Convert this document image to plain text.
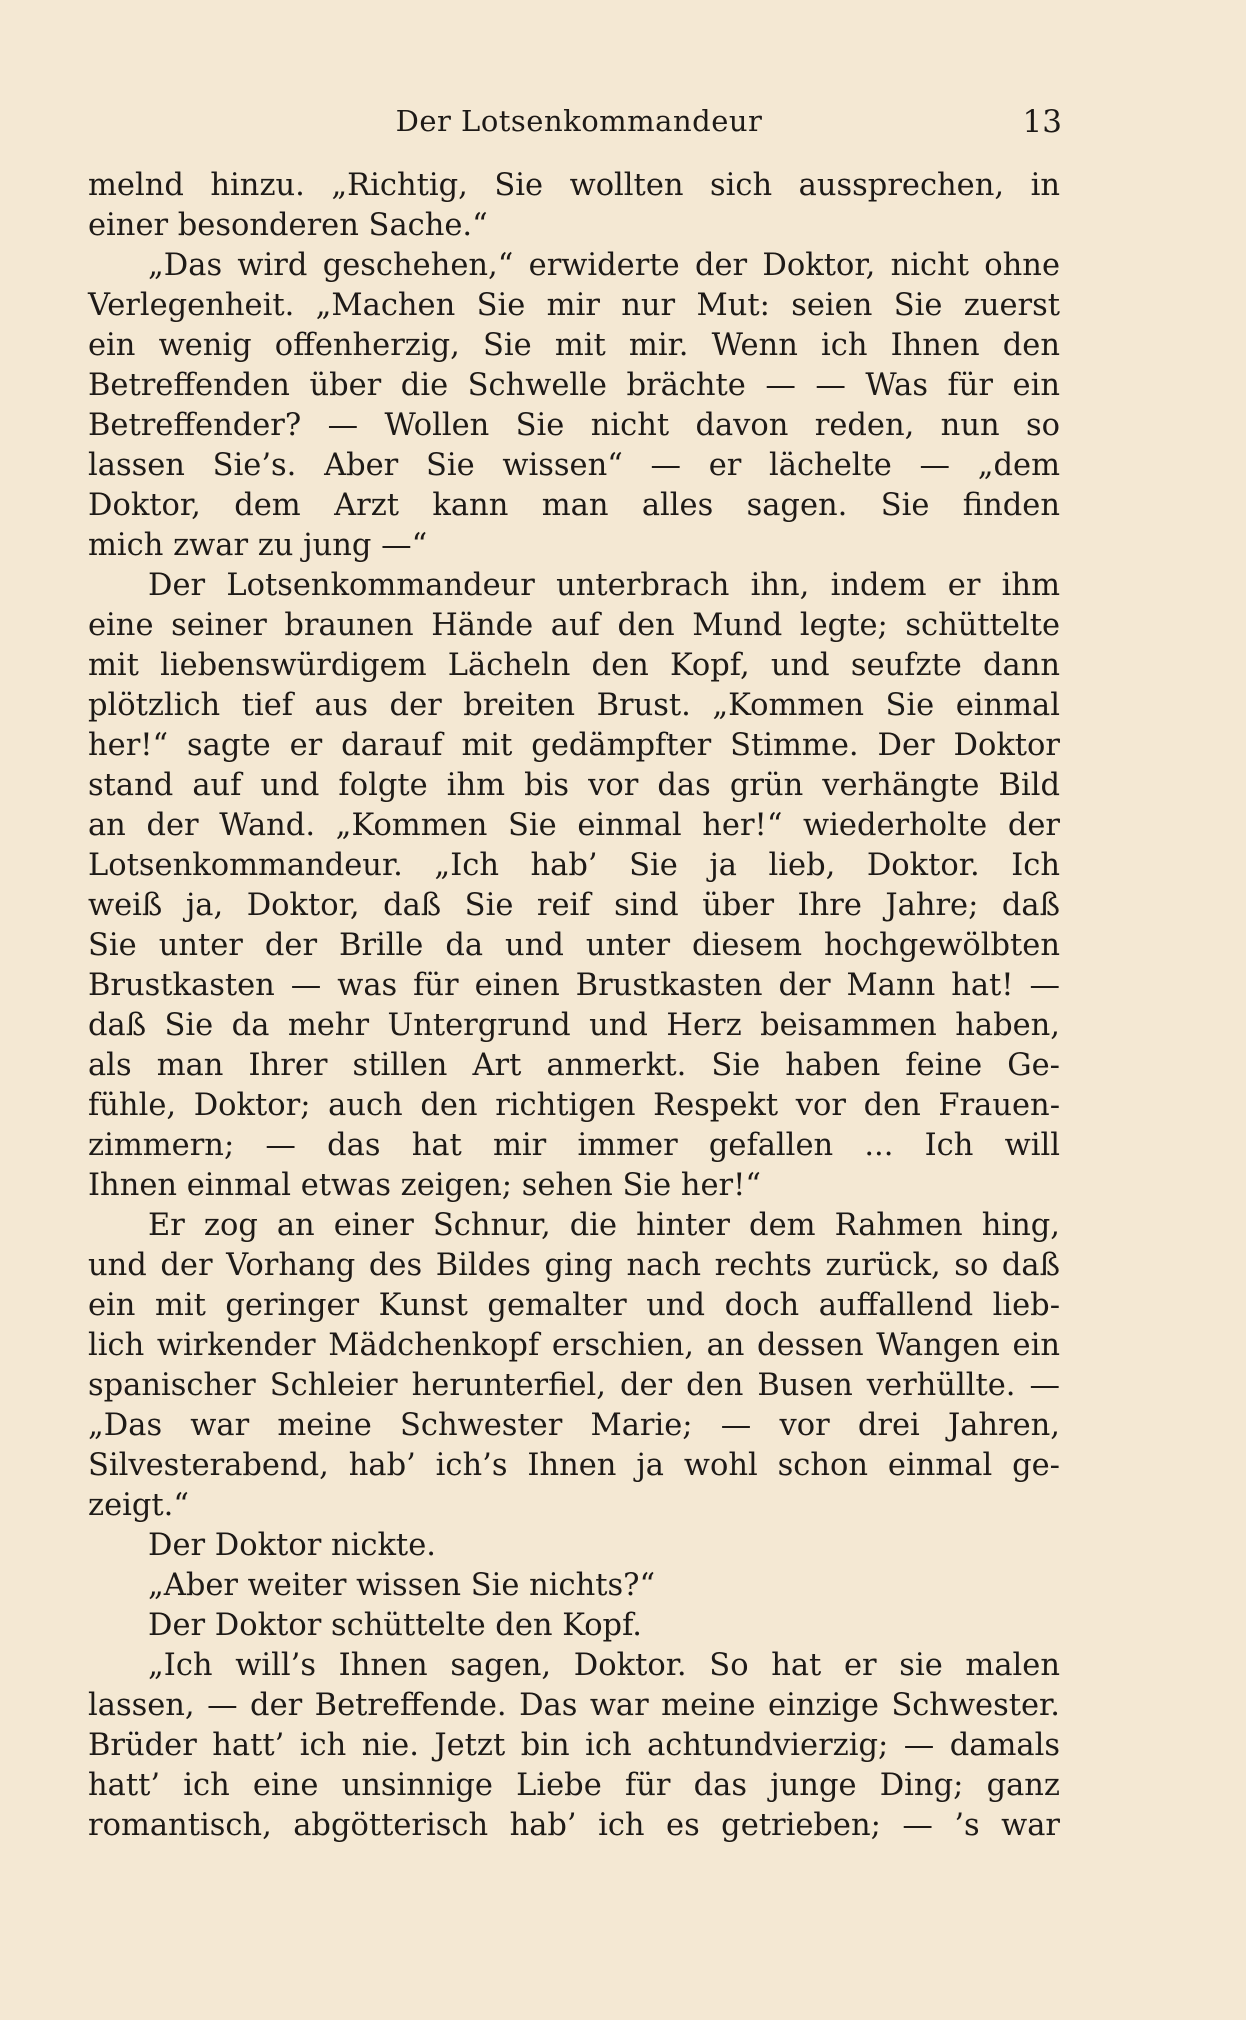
Der Lotsenkommandeur	13
melnd hinzu. „Richtig, Sie wollten sich aussprechen, in
einer besonderen Sache.“
„Das wird geschehen,“ erwiderte der Doktor, nicht ohne
Verlegenheit. „Machen Sie mir nur Mut: seien Sie zuerst
ein wenig offenherzig, Sie mit mir. Wenn ich Ihnen den
Betreffenden über die Schwelle brächte — — Was für ein
Betreffender? — Wollen Sie nicht davon reden, nun so
lassen Sie’s. Aber Sie wissen“ — er lächelte — „dem
Doktor, dem Arzt kann man alles sagen. Sie finden
mich zwar zu jung —“
Der Lotsenkommandeur unterbrach ihn, indem er ihm
eine seiner braunen Hände auf den Mund legte; schüttelte
mit liebenswürdigem Lächeln den Kopf, und seufzte dann
plötzlich tief aus der breiten Brust. „Kommen Sie einmal
her!“ sagte er darauf mit gedämpfter Stimme. Der Doktor
stand auf und folgte ihm bis vor das grün verhängte Bild
an der Wand. „Kommen Sie einmal her!“ wiederholte der
Lotsenkommandeur. „Ich hab’ Sie ja lieb, Doktor. Ich
weiß ja, Doktor, daß Sie reif sind über Ihre Jahre; daß
Sie unter der Brille da und unter diesem hochgewölbten
Brustkasten — was für einen Brustkasten der Mann hat! —
daß Sie da mehr Untergrund und Herz beisammen haben,
als man Ihrer stillen Art anmerkt. Sie haben feine Ge-
fühle, Doktor; auch den richtigen Respekt vor den Frauen-
zimmern; — das hat mir immer gefallen ... Ich will
Ihnen einmal etwas zeigen; sehen Sie her!“
Er zog an einer Schnur, die hinter dem Rahmen hing,
und der Vorhang des Bildes ging nach rechts zurück, so daß
ein mit geringer Kunst gemalter und doch auffallend lieb-
lich wirkender Mädchenkopf erschien, an dessen Wangen ein
spanischer Schleier herunterfiel, der den Busen verhüllte. —
„Das war meine Schwester Marie; — vor drei Jahren,
Silvesterabend, hab’ ich’s Ihnen ja wohl schon einmal ge-
zeigt.“
Der Doktor nickte.
„Aber weiter wissen Sie nichts?“
Der Doktor schüttelte den Kopf.
„Ich will’s Ihnen sagen, Doktor. So hat er sie malen
lassen, — der Betreffende. Das war meine einzige Schwester.
Brüder hatt’ ich nie. Jetzt bin ich achtundvierzig; — damals
hatt’ ich eine unsinnige Liebe für das junge Ding; ganz
romantisch, abgötterisch hab’ ich es getrieben; — ’s war
